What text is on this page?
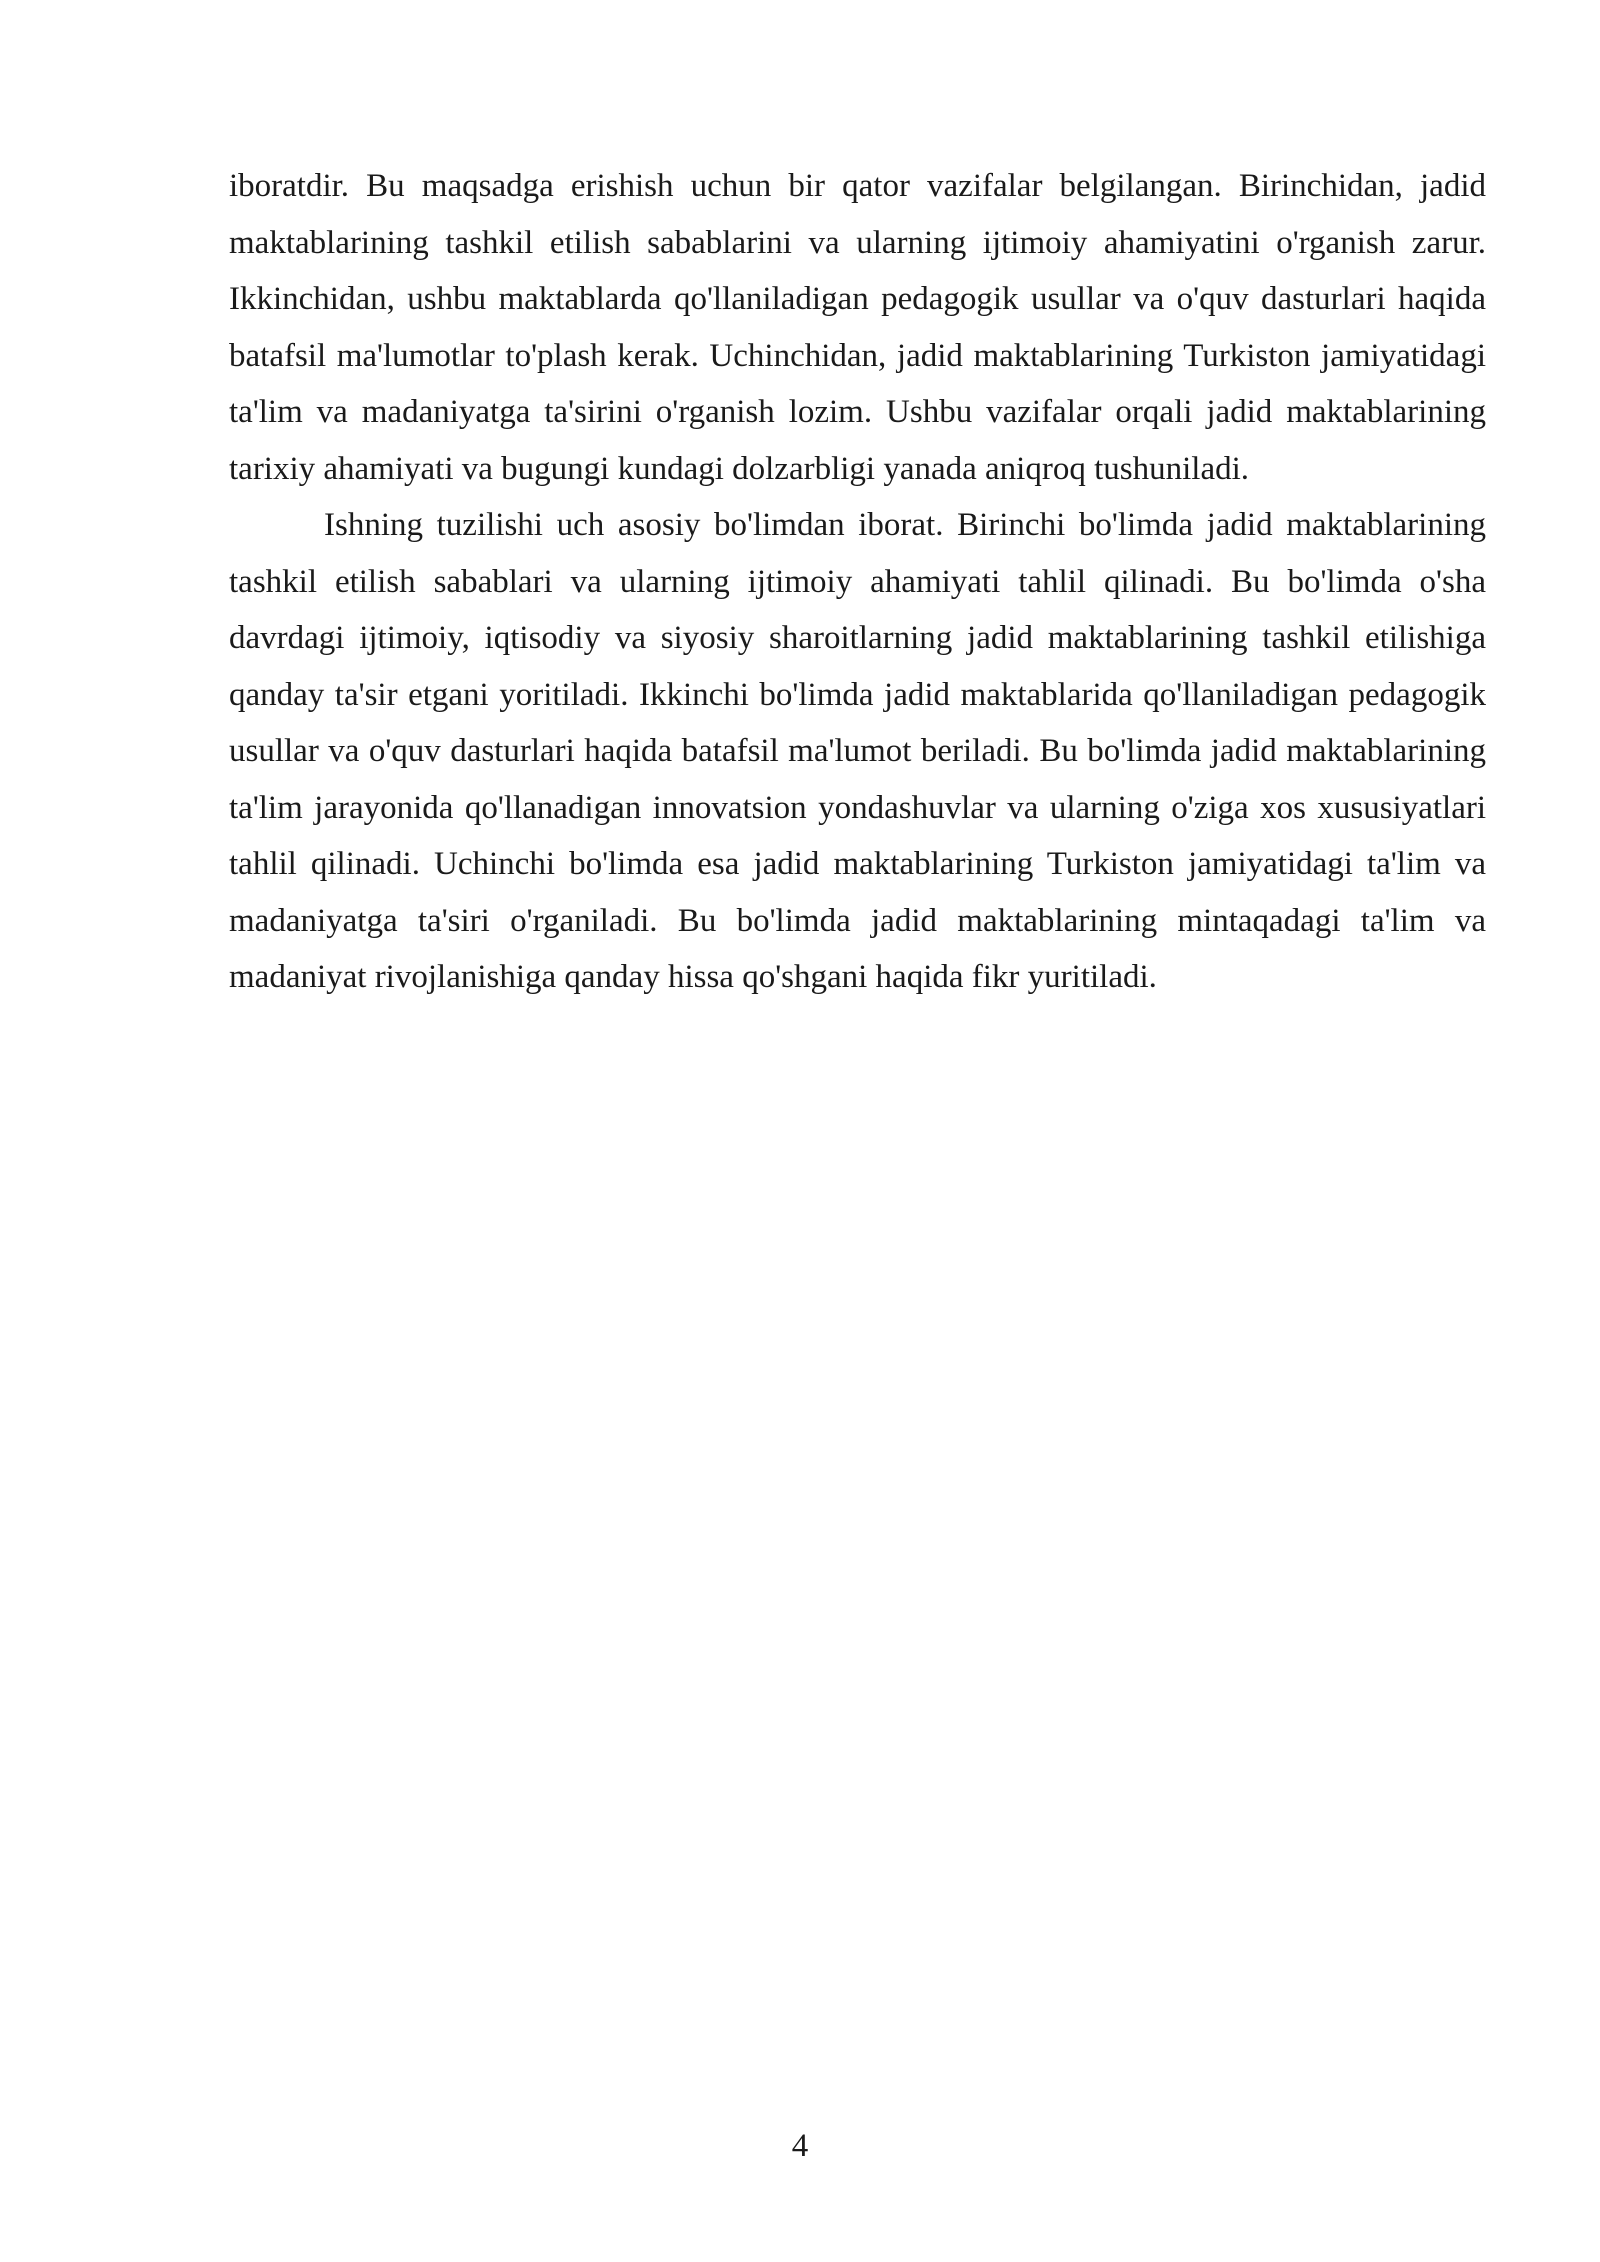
iboratdir. Bu maqsadga erishish uchun bir qator vazifalar belgilangan. Birinchidan, jadid maktablarining tashkil etilish sabablarini va ularning ijtimoiy ahamiyatini o'rganish zarur. Ikkinchidan, ushbu maktablarda qo'llaniladigan pedagogik usullar va o'quv dasturlari haqida batafsil ma'lumotlar to'plash kerak. Uchinchidan, jadid maktablarining Turkiston jamiyatidagi ta'lim va madaniyatga ta'sirini o'rganish lozim. Ushbu vazifalar orqali jadid maktablarining tarixiy ahamiyati va bugungi kundagi dolzarbligi yanada aniqroq tushuniladi.

Ishning tuzilishi uch asosiy bo'limdan iborat. Birinchi bo'limda jadid maktablarining tashkil etilish sabablari va ularning ijtimoiy ahamiyati tahlil qilinadi. Bu bo'limda o'sha davrdagi ijtimoiy, iqtisodiy va siyosiy sharoitlarning jadid maktablarining tashkil etilishiga qanday ta'sir etgani yoritiladi. Ikkinchi bo'limda jadid maktablarida qo'llaniladigan pedagogik usullar va o'quv dasturlari haqida batafsil ma'lumot beriladi. Bu bo'limda jadid maktablarining ta'lim jarayonida qo'llanadigan innovatsion yondashuvlar va ularning o'ziga xos xususiyatlari tahlil qilinadi. Uchinchi bo'limda esa jadid maktablarining Turkiston jamiyatidagi ta'lim va madaniyatga ta'siri o'rganiladi. Bu bo'limda jadid maktablarining mintaqadagi ta'lim va madaniyat rivojlanishiga qanday hissa qo'shgani haqida fikr yuritiladi.

4
